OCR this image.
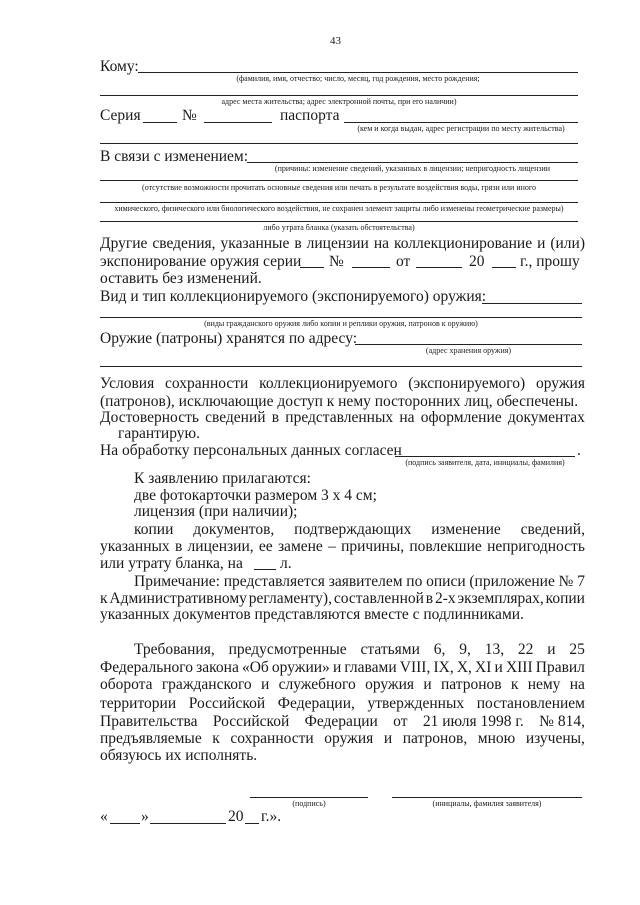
43
Кому:
(фамилия, имя, отчество; число, месяц, год рождения, место рождения;
адрес места жительства; адрес электронной почты, при его наличии)
Серия	№	паспорта
(кем и когда выдан, адрес регистрации по месту жительства)
В связи с изменением:
(причины: изменение сведений, указанных в лицензии; непригодность лицензии
(отсутствие возможности прочитать основные сведения или печать в результате воздействия воды, грязи или иного
химического, физического или биологического воздействия, не сохранен элемент защиты либо изменены геометрические размеры)
либо утрата бланка (указать обстоятельства)
Другие сведения, указанные в лицензии на коллекционирование и (или)
экспонирование оружия серии №	от	20 г., прошу
оставить без изменений.
Вид и тип коллекционируемого (экспонируемого) оружия:
(виды гражданского оружия либо копии и реплики оружия, патронов к оружию)
Оружие (патроны) хранятся по адресу:
(адрес хранения оружия)
Условия сохранности коллекционируемого (экспонируемого) оружия
(патронов), исключающие доступ к нему посторонних лиц, обеспечены.
Достоверность сведений в представленных на оформление документах
гарантирую.
На обработку персональных данных согласен	.
(подпись заявителя, дата, инициалы, фамилия)
К заявлению прилагаются:
две фотокарточки размером 3 х 4 см;
лицензия (при наличии);
копии документов, подтверждающих изменение сведений,
указанных в лицензии, ее замене – причины, повлекшие непригодность
или утрату бланка, на л.
Примечание: представляется заявителем по описи (приложение № 7
к Административному регламенту), составленной в 2-х экземплярах, копии
указанных документов представляются вместе с подлинниками.
Требования, предусмотренные статьями 6, 9, 13, 22 и 25
Федерального закона «Об оружии» и главами VIII, IX, X, XI и XIII Правил
оборота гражданского и служебного оружия и патронов к нему на
территории Российской Федерации, утвержденных постановлением
Правительства Российской Федерации от 21 июля 1998 г. № 814,
предъявляемые к сохранности оружия и патронов, мною изучены,
обязуюсь их исполнять.
(подпись)	(инициалы, фамилия заявителя)
« »	20 г.».
